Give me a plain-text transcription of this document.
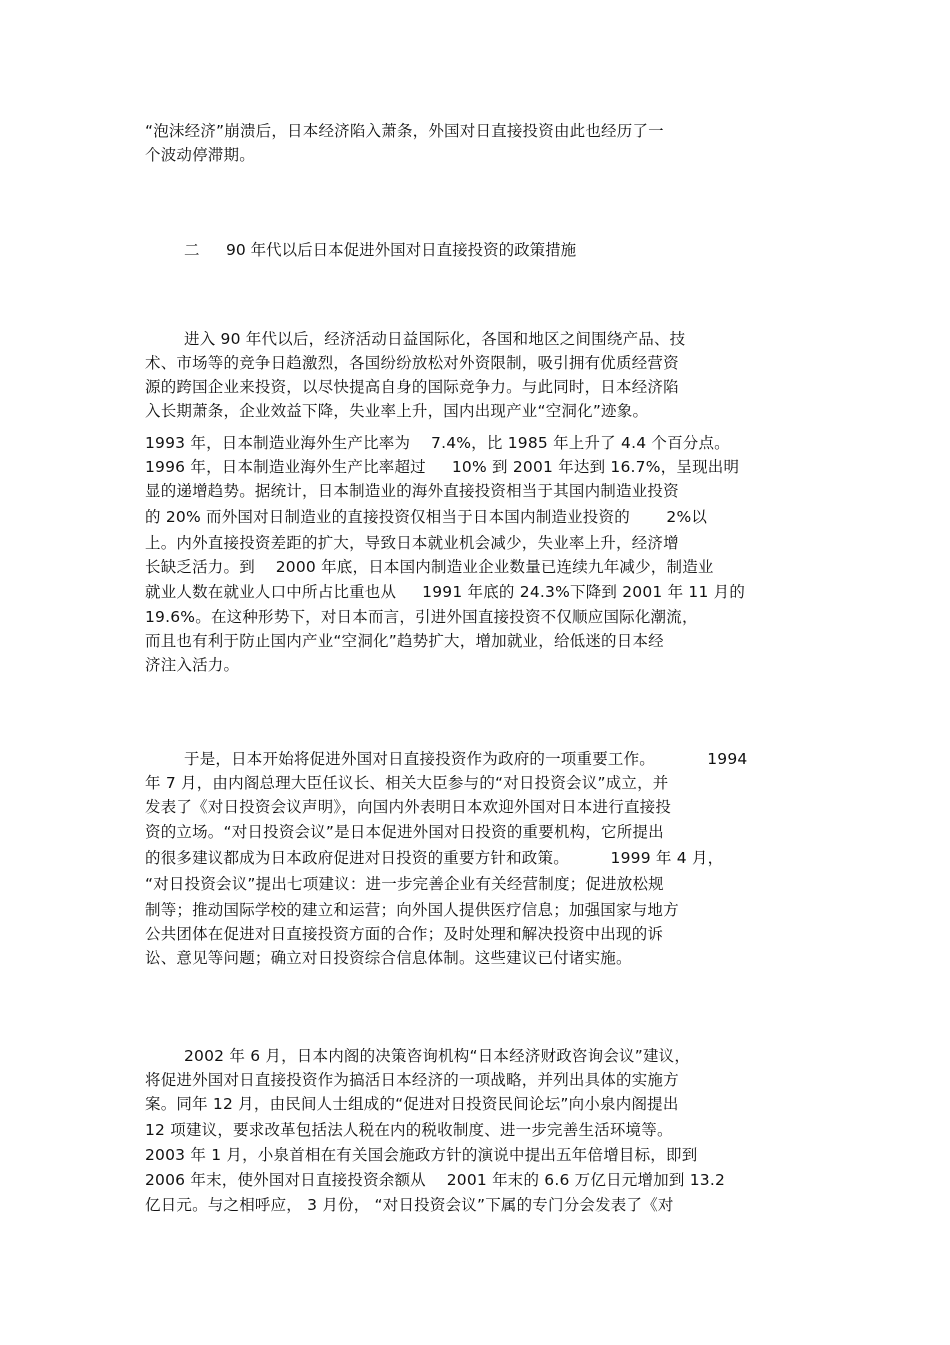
“泡沫经济”崩溃后，日本经济陷入萧条，外国对日直接投资由此也经历了一
个波动停滞期。
二 90 年代以后日本促进外国对日直接投资的政策措施
进入 90 年代以后，经济活动日益国际化，各国和地区之间围绕产品、技
术、市场等的竞争日趋激烈，各国纷纷放松对外资限制，吸引拥有优质经营资
源的跨国企业来投资，以尽快提高自身的国际竞争力。与此同时，日本经济陷
入长期萧条，企业效益下降，失业率上升，国内出现产业“空洞化”迹象。
1993 年，日本制造业海外生产比率为 　7.4%，比 1985 年上升了 4.4 个百分点。
1996 年，日本制造业海外生产比率超过 　 10% 到 2001 年达到 16.7%，呈现出明
显的递增趋势。据统计，日本制造业的海外直接投资相当于其国内制造业投资
的 20% 而外国对日制造业的直接投资仅相当于日本国内制造业投资的 　　2%以
上。内外直接投资差距的扩大，导致日本就业机会减少，失业率上升，经济增
长缺乏活力。到 　2000 年底，日本国内制造业企业数量已连续九年减少，制造业
就业人数在就业人口中所占比重也从 　 1991 年底的 24.3%下降到 2001 年 11 月的
19.6%。在这种形势下，对日本而言，引进外国直接投资不仅顺应国际化潮流，
而且也有利于防止国内产业“空洞化”趋势扩大，增加就业，给低迷的日本经
济注入活力。
于是，日本开始将促进外国对日直接投资作为政府的一项重要工作。 　　　1994
年 7 月，由内阁总理大臣任议长、相关大臣参与的“对日投资会议”成立，并
发表了《对日投资会议声明》，向国内外表明日本欢迎外国对日本进行直接投
资的立场。“对日投资会议”是日本促进外国对日投资的重要机构，它所提出
的很多建议都成为日本政府促进对日投资的重要方针和政策。 　　 1999 年 4 月，
“对日投资会议”提出七项建议：进一步完善企业有关经营制度；促进放松规
制等；推动国际学校的建立和运营；向外国人提供医疗信息；加强国家与地方
公共团体在促进对日直接投资方面的合作；及时处理和解决投资中出现的诉
讼、意见等问题；确立对日投资综合信息体制。这些建议已付诸实施。
2002 年 6 月，日本内阁的决策咨询机构“日本经济财政咨询会议”建议，
将促进外国对日直接投资作为搞活日本经济的一项战略，并列出具体的实施方
案。同年 12 月，由民间人士组成的“促进对日投资民间论坛”向小泉内阁提出
12 项建议，要求改革包括法人税在内的税收制度、进一步完善生活环境等。
2003 年 1 月，小泉首相在有关国会施政方针的演说中提出五年倍增目标，即到
2006 年末，使外国对日直接投资余额从 　2001 年末的 6.6 万亿日元增加到 13.2
亿日元。与之相呼应， 3 月份， “对日投资会议”下属的专门分会发表了《对
